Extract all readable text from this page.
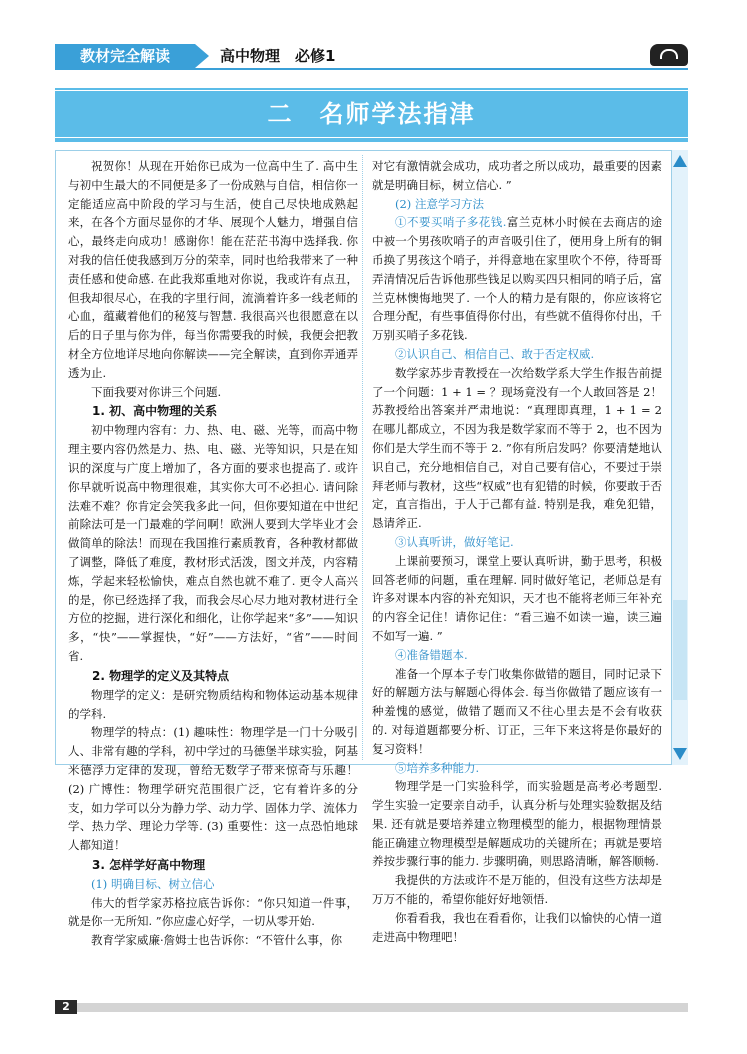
教材完全解读	高中物理　必修1
二　名师学法指津

祝贺你！从现在开始你已成为一位高中生了. 高中生与初中生最大的不同便是多了一份成熟与自信，相信你一定能适应高中阶段的学习与生活，使自己尽快地成熟起来，在各个方面尽显你的才华、展现个人魅力，增强自信心，最终走向成功！感谢你！能在茫茫书海中选择我. 你对我的信任使我感到万分的荣幸，同时也给我带来了一种责任感和使命感. 在此我郑重地对你说，我或许有点丑，但我却很尽心，在我的字里行间，流淌着许多一线老师的心血，蕴藏着他们的秘笈与智慧. 我很高兴也很愿意在以后的日子里与你为伴，每当你需要我的时候，我便会把教材全方位地详尽地向你解读——完全解读，直到你弄通弄透为止.

下面我要对你讲三个问题.

1. 初、高中物理的关系

初中物理内容有：力、热、电、磁、光等，而高中物理主要内容仍然是力、热、电、磁、光等知识，只是在知识的深度与广度上增加了，各方面的要求也提高了. 或许你早就听说高中物理很难，其实你大可不必担心. 请问除法难不难？你肯定会笑我多此一问，但你要知道在中世纪前除法可是一门最难的学问啊！欧洲人要到大学毕业才会做简单的除法！而现在我国推行素质教育，各种教材都做了调整，降低了难度，教材形式活泼，图文并茂，内容精炼，学起来轻松愉快，难点自然也就不难了. 更令人高兴的是，你已经选择了我，而我会尽心尽力地对教材进行全方位的挖掘，进行深化和细化，让你学起来“多”——知识多，“快”——掌握快，“好”——方法好，“省”——时间省.

2. 物理学的定义及其特点

物理学的定义：是研究物质结构和物体运动基本规律的学科.

物理学的特点：(1) 趣味性：物理学是一门十分吸引人、非常有趣的学科，初中学过的马德堡半球实验，阿基米德浮力定律的发现，曾给无数学子带来惊奇与乐趣！(2) 广博性：物理学研究范围很广泛，它有着许多的分支，如力学可以分为静力学、动力学、固体力学、流体力学、热力学、理论力学等. (3) 重要性：这一点恐怕地球人都知道！

3. 怎样学好高中物理

(1) 明确目标、树立信心

伟大的哲学家苏格拉底告诉你：“你只知道一件事，就是你一无所知. ”你应虚心好学，一切从零开始.

教育学家威廉·詹姆士也告诉你：“不管什么事，你

对它有激情就会成功，成功者之所以成功，最重要的因素就是明确目标，树立信心. ”

(2) 注意学习方法

①不要买哨子多花钱.富兰克林小时候在去商店的途中被一个男孩吹哨子的声音吸引住了，便用身上所有的铜币换了男孩这个哨子，并得意地在家里吹个不停，待哥哥弄清情况后告诉他那些钱足以购买四只相同的哨子后，富兰克林懊悔地哭了. 一个人的精力是有限的，你应该将它合理分配，有些事值得你付出，有些就不值得你付出，千万别买哨子多花钱.

②认识自己、相信自己、敢于否定权威.

数学家苏步青教授在一次给数学系大学生作报告前提了一个问题：1 + 1 = ？现场竟没有一个人敢回答是 2！苏教授给出答案并严肃地说：“真理即真理，1 + 1 = 2 在哪儿都成立，不因为我是数学家而不等于 2，也不因为你们是大学生而不等于 2. ”你有所启发吗？你要清楚地认识自己，充分地相信自己，对自己要有信心，不要过于崇拜老师与教材，这些“权威”也有犯错的时候，你要敢于否定，直言指出，于人于己都有益. 特别是我，难免犯错，恳请斧正.

③认真听讲，做好笔记.

上课前要预习，课堂上要认真听讲，勤于思考，积极回答老师的问题，重在理解. 同时做好笔记，老师总是有许多对课本内容的补充知识，天才也不能将老师三年补充的内容全记住！请你记住：“看三遍不如读一遍，读三遍不如写一遍. ”

④准备错题本.

准备一个厚本子专门收集你做错的题目，同时记录下好的解题方法与解题心得体会. 每当你做错了题应该有一种羞愧的感觉，做错了题而又不往心里去是不会有收获的. 对每道题都要分析、订正，三年下来这将是你最好的复习资料！

⑤培养多种能力.

物理学是一门实验科学，而实验题是高考必考题型. 学生实验一定要亲自动手，认真分析与处理实验数据及结果. 还有就是要培养建立物理模型的能力，根据物理情景能正确建立物理模型是解题成功的关键所在；再就是要培养按步骤行事的能力. 步骤明确，则思路清晰，解答顺畅.

我提供的方法或许不是万能的，但没有这些方法却是万万不能的，希望你能好好地领悟.

你看看我，我也在看看你，让我们以愉快的心情一道走进高中物理吧！

2
